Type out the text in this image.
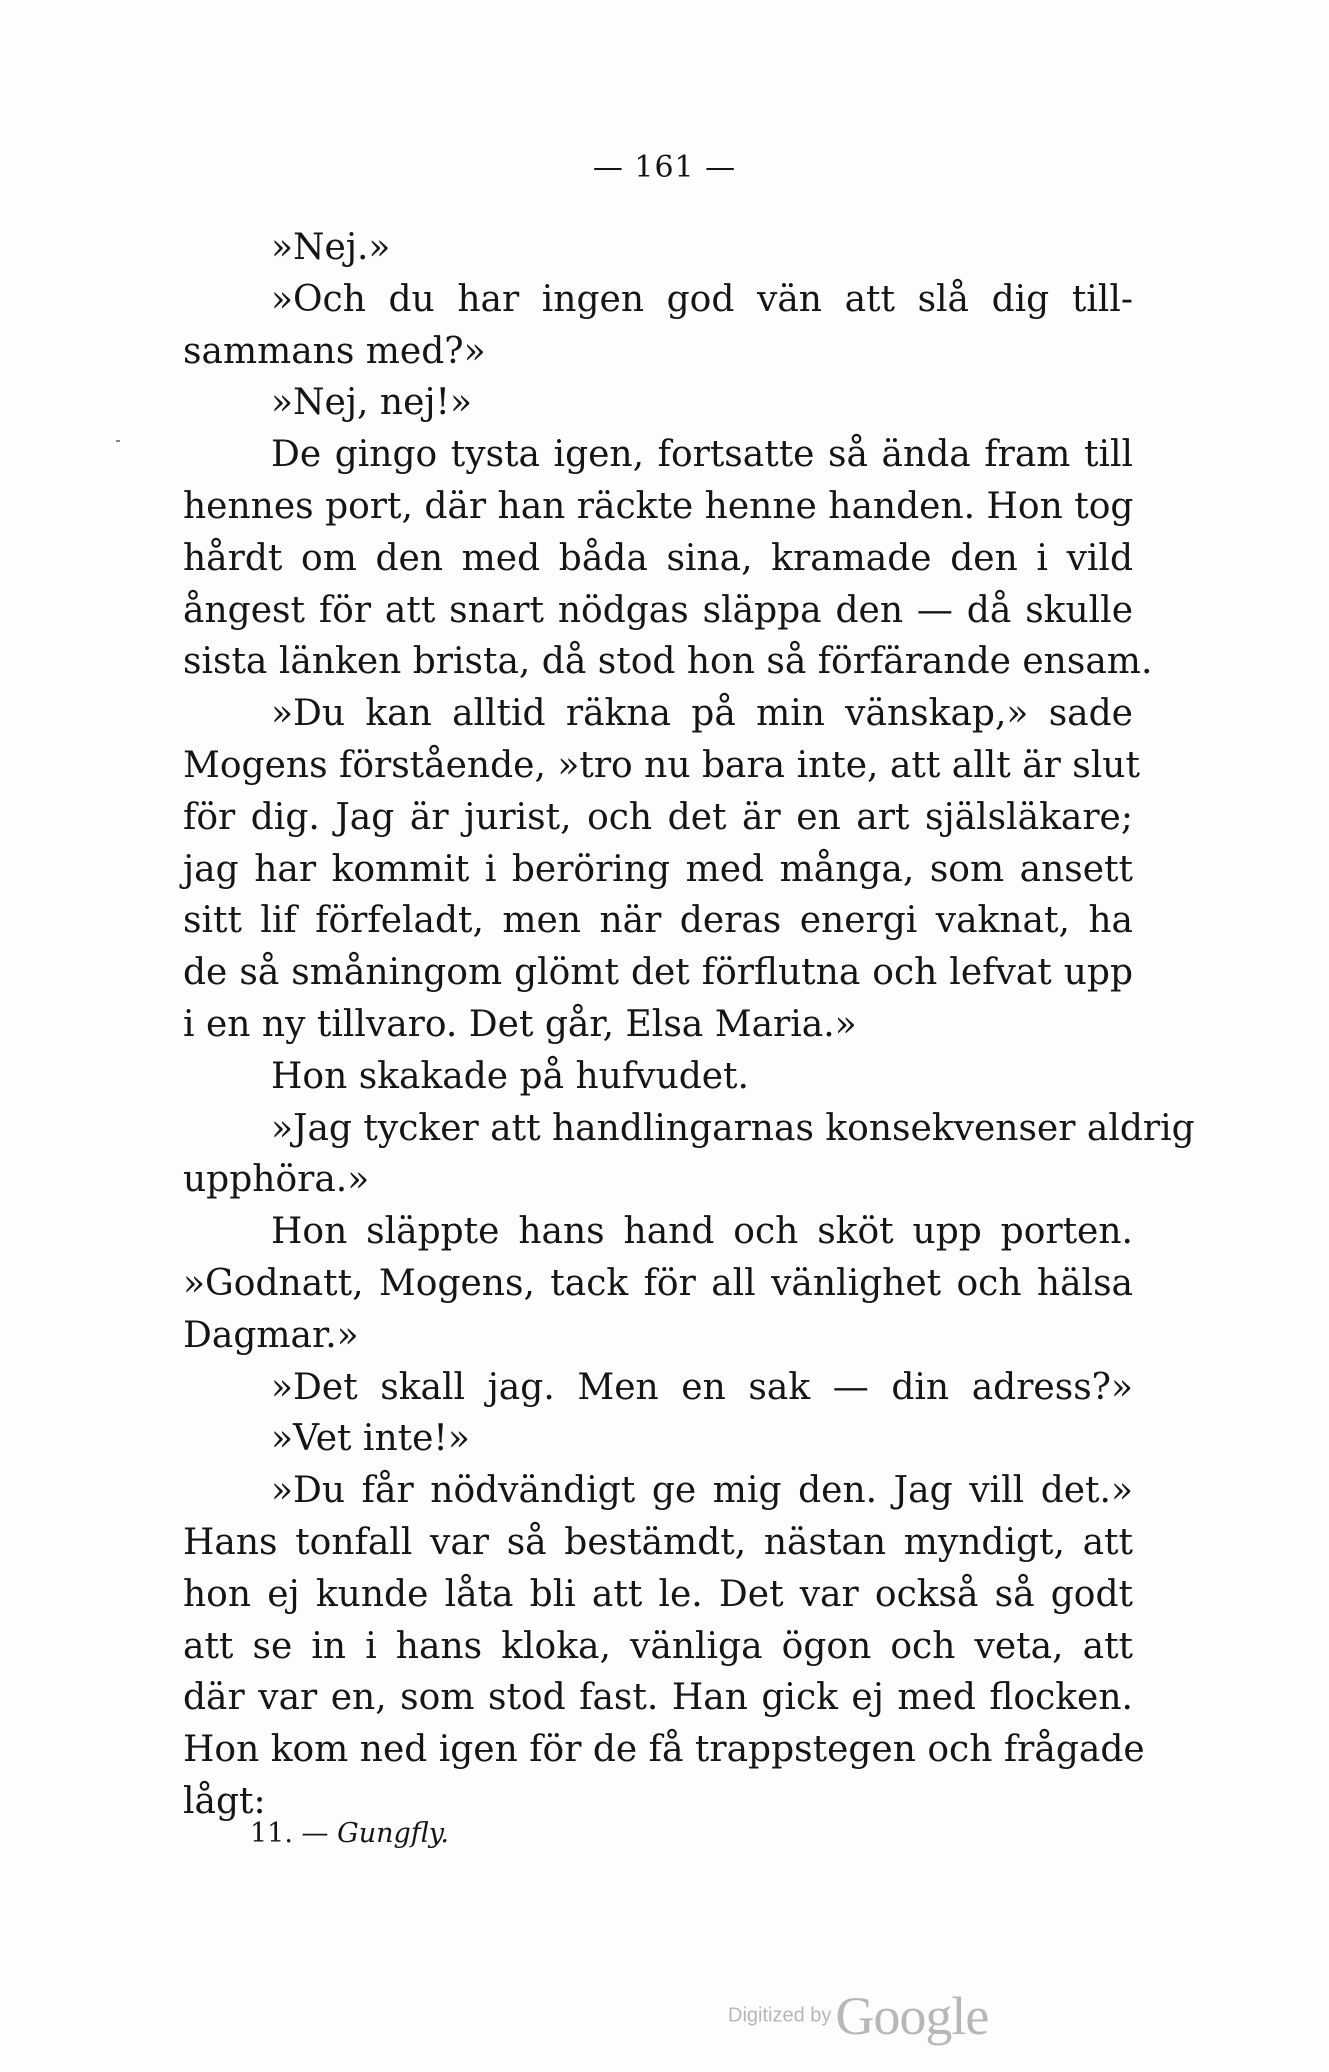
— 161 —
»Nej.»
»Och du har ingen god vän att slå dig till-
sammans med?»
»Nej, nej!»
De gingo tysta igen, fortsatte så ända fram till
hennes port, där han räckte henne handen. Hon tog
hårdt om den med båda sina, kramade den i vild
ångest för att snart nödgas släppa den — då skulle
sista länken brista, då stod hon så förfärande ensam.
»Du kan alltid räkna på min vänskap,» sade
Mogens förstående, »tro nu bara inte, att allt är slut
för dig. Jag är jurist, och det är en art själsläkare;
jag har kommit i beröring med många, som ansett
sitt lif förfeladt, men när deras energi vaknat, ha
de så småningom glömt det förflutna och lefvat upp
i en ny tillvaro. Det går, Elsa Maria.»
Hon skakade på hufvudet.
»Jag tycker att handlingarnas konsekvenser aldrig
upphöra.»
Hon släppte hans hand och sköt upp porten.
»Godnatt, Mogens, tack för all vänlighet och hälsa
Dagmar.»
»Det skall jag. Men en sak — din adress?»
»Vet inte!»
»Du får nödvändigt ge mig den. Jag vill det.»
Hans tonfall var så bestämdt, nästan myndigt, att
hon ej kunde låta bli att le. Det var också så godt
att se in i hans kloka, vänliga ögon och veta, att
där var en, som stod fast. Han gick ej med flocken.
Hon kom ned igen för de få trappstegen och frågade
lågt:
11. — Gungfly.
Digitized by Google
